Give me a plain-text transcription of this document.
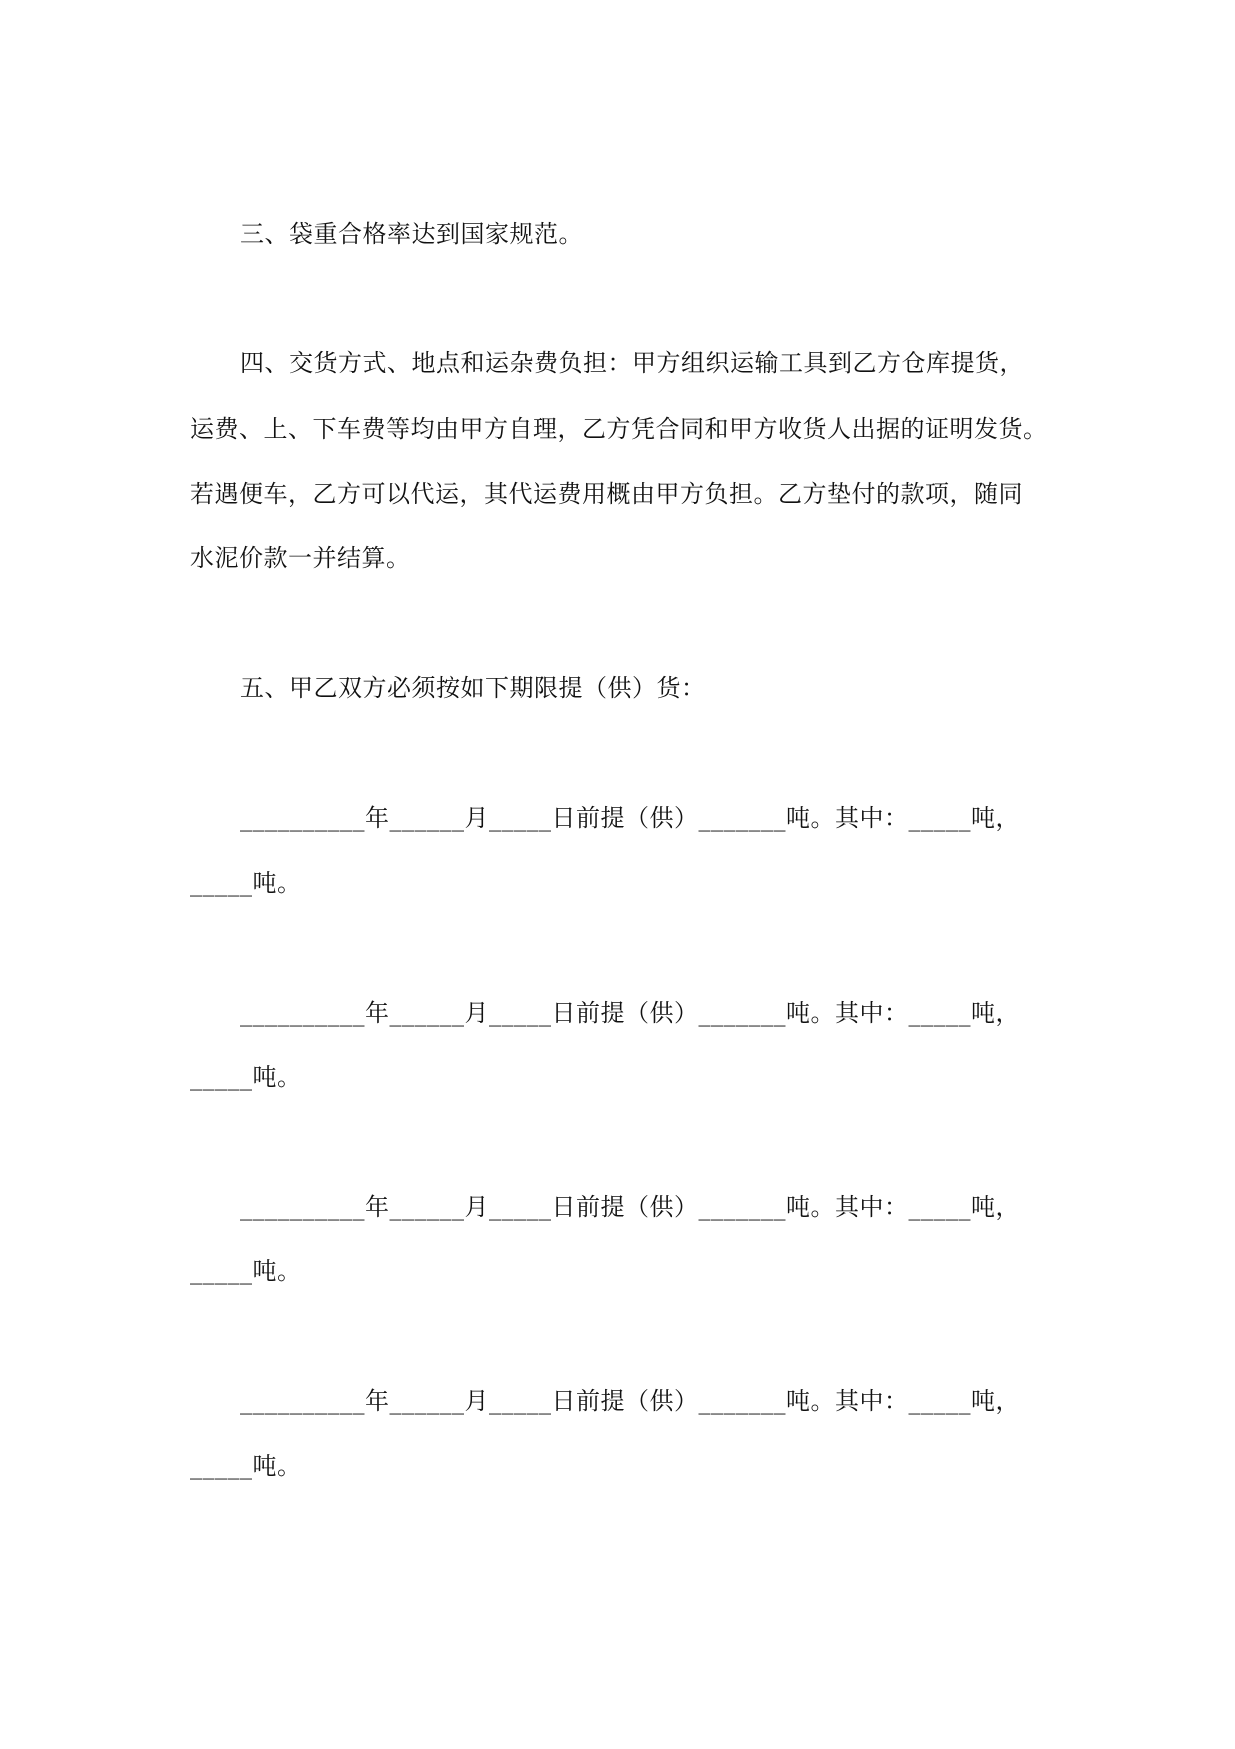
三、袋重合格率达到国家规范。
四、交货方式、地点和运杂费负担：甲方组织运输工具到乙方仓库提货，
运费、上、下车费等均由甲方自理，乙方凭合同和甲方收货人出据的证明发货。
若遇便车，乙方可以代运，其代运费用概由甲方负担。乙方垫付的款项，随同
水泥价款一并结算。
五、甲乙双方必须按如下期限提（供）货：
__________年______月_____日前提（供）_______吨。其中：_____吨，
_____吨。
__________年______月_____日前提（供）_______吨。其中：_____吨，
_____吨。
__________年______月_____日前提（供）_______吨。其中：_____吨，
_____吨。
__________年______月_____日前提（供）_______吨。其中：_____吨，
_____吨。
